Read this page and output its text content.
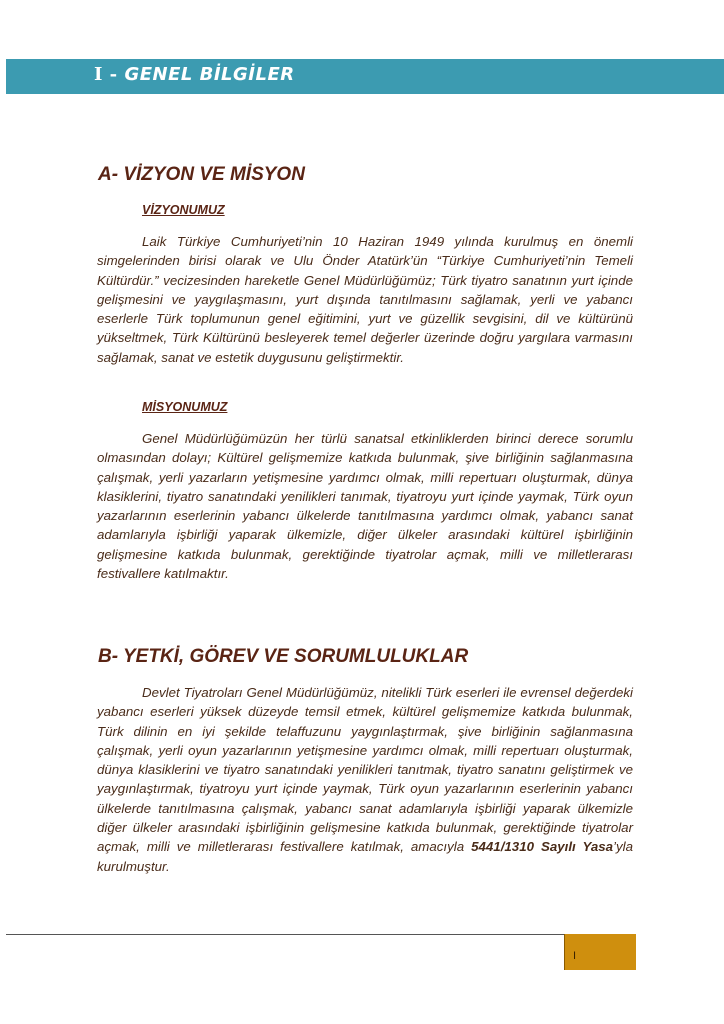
I - GENEL BİLGİLER
A- VİZYON VE MİSYON
VİZYONUMUZ
Laik Türkiye Cumhuriyeti’nin 10 Haziran 1949 yılında kurulmuş en önemli simgelerinden birisi olarak ve Ulu Önder Atatürk’ün “Türkiye Cumhuriyeti’nin Temeli Kültürdür.” vecizesinden hareketle Genel Müdürlüğümüz; Türk tiyatro sanatının yurt içinde gelişmesini ve yaygılaşmasını, yurt dışında tanıtılmasını sağlamak, yerli ve yabancı eserlerle Türk toplumunun genel eğitimini, yurt ve güzellik sevgisini, dil ve kültürünü yükseltmek, Türk Kültürünü besleyerek temel değerler üzerinde doğru yargılara varmasını sağlamak, sanat ve estetik duygusunu geliştirmektir.
MİSYONUMUZ
Genel Müdürlüğümüzün her türlü sanatsal etkinliklerden birinci derece sorumlu olmasından dolayı; Kültürel gelişmemize katkıda bulunmak, şive birliğinin sağlanmasına çalışmak, yerli yazarların yetişmesine yardımcı olmak, milli repertuarı oluşturmak, dünya klasiklerini, tiyatro sanatındaki yenilikleri tanımak, tiyatroyu yurt içinde yaymak, Türk oyun yazarlarının eserlerinin yabancı ülkelerde tanıtılmasına yardımcı olmak, yabancı sanat adamlarıyla işbirliği yaparak ülkemizle, diğer ülkeler arasındaki kültürel işbirliğinin gelişmesine katkıda bulunmak, gerektiğinde tiyatrolar açmak, milli ve milletlerarası festivallere katılmaktır.
B- YETKİ, GÖREV VE SORUMLULUKLAR
Devlet Tiyatroları Genel Müdürlüğümüz, nitelikli Türk eserleri ile evrensel değerdeki yabancı eserleri yüksek düzeyde temsil etmek, kültürel gelişmemize katkıda bulunmak, Türk dilinin en iyi şekilde telaffuzunu yaygınlaştırmak, şive birliğinin sağlanmasına çalışmak, yerli oyun yazarlarının yetişmesine yardımcı olmak, milli repertuarı oluşturmak, dünya klasiklerini ve tiyatro sanatındaki yenilikleri tanıtmak, tiyatro sanatını geliştirmek ve yaygınlaştırmak, tiyatroyu yurt içinde yaymak, Türk oyun yazarlarının eserlerinin yabancı ülkelerde tanıtılmasına çalışmak, yabancı sanat adamlarıyla işbirliği yaparak ülkemizle diğer ülkeler arasındaki işbirliğinin gelişmesine katkıda bulunmak, gerektiğinde tiyatrolar açmak, milli ve milletlerarası festivallere katılmak, amacıyla 5441/1310 Sayılı Yasa’yla kurulmuştur.
I
